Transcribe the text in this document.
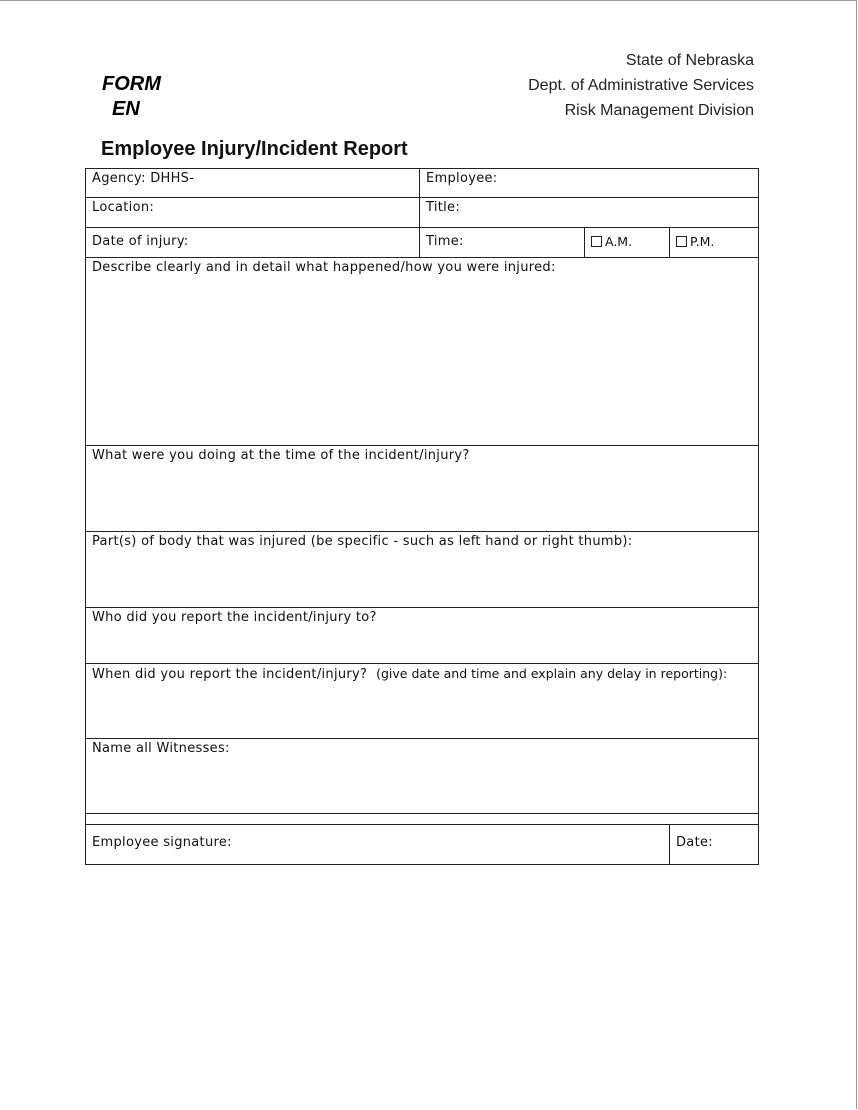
FORM
EN
State of Nebraska
Dept. of Administrative Services
Risk Management Division
Employee Injury/Incident Report
Agency: DHHS-	Employee:		
Location:	Title:		
Date of injury:	Time:	A.M.	P.M.
Describe clearly and in detail what happened/how you were injured:			
What were you doing at the time of the incident/injury?			
Part(s) of body that was injured (be specific - such as left hand or right thumb):			
Who did you report the incident/injury to?			
When did you report the incident/injury? (give date and time and explain any delay in reporting):			
Name all Witnesses:			

Employee signature:			Date:
